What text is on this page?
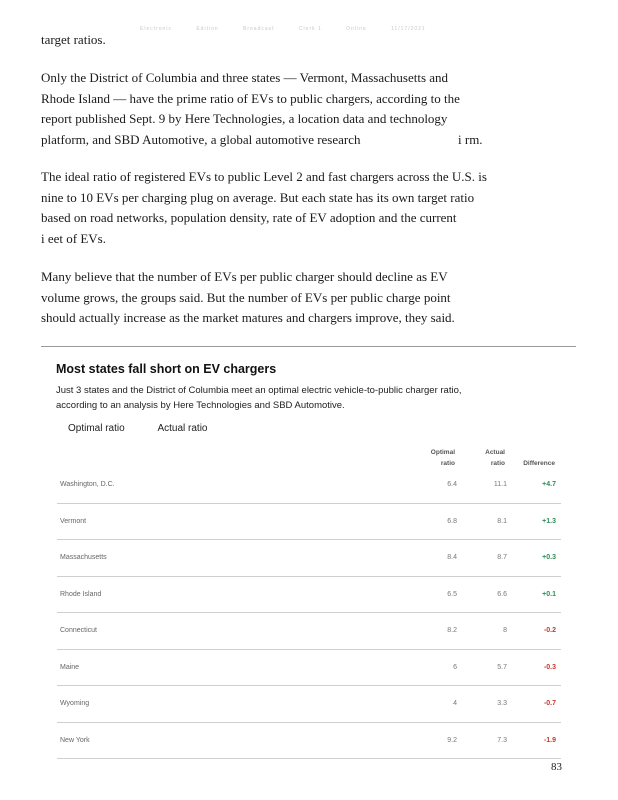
Electronic	Edition	Broadcast	Clerk 1	Online	11/17/2021

target ratios.

Only the District of Columbia and three states — Vermont, Massachusetts and
Rhode Island — have the prime ratio of EVs to public chargers, according to the
report published Sept. 9 by Here Technologies, a location data and technology
platform, and SBD Automotive, a global automotive research                              i rm.

The ideal ratio of registered EVs to public Level 2 and fast chargers across the U.S. is
nine to 10 EVs per charging plug on average. But each state has its own target ratio
based on road networks, population density, rate of EV adoption and the current
i eet of EVs.

Many believe that the number of EVs per public charger should decline as EV
volume grows, the groups said. But the number of EVs per public charge point
should actually increase as the market matures and chargers improve, they said.

Most states fall short on EV chargers
Just 3 states and the District of Columbia meet an optimal electric vehicle-to-public charger ratio,
according to an analysis by Here Technologies and SBD Automotive.
Optimal ratio	Actual ratio
Optimal
ratio
Actual
ratio	Difference
Washington, D.C.	6.4	11.1	+4.7
Vermont	6.8	8.1	+1.3
Massachusetts	8.4	8.7	+0.3
Rhode Island	6.5	6.6	+0.1
Connecticut	8.2	8	-0.2
Maine	6	5.7	-0.3
Wyoming	4	3.3	-0.7
New York	9.2	7.3	-1.9
83
